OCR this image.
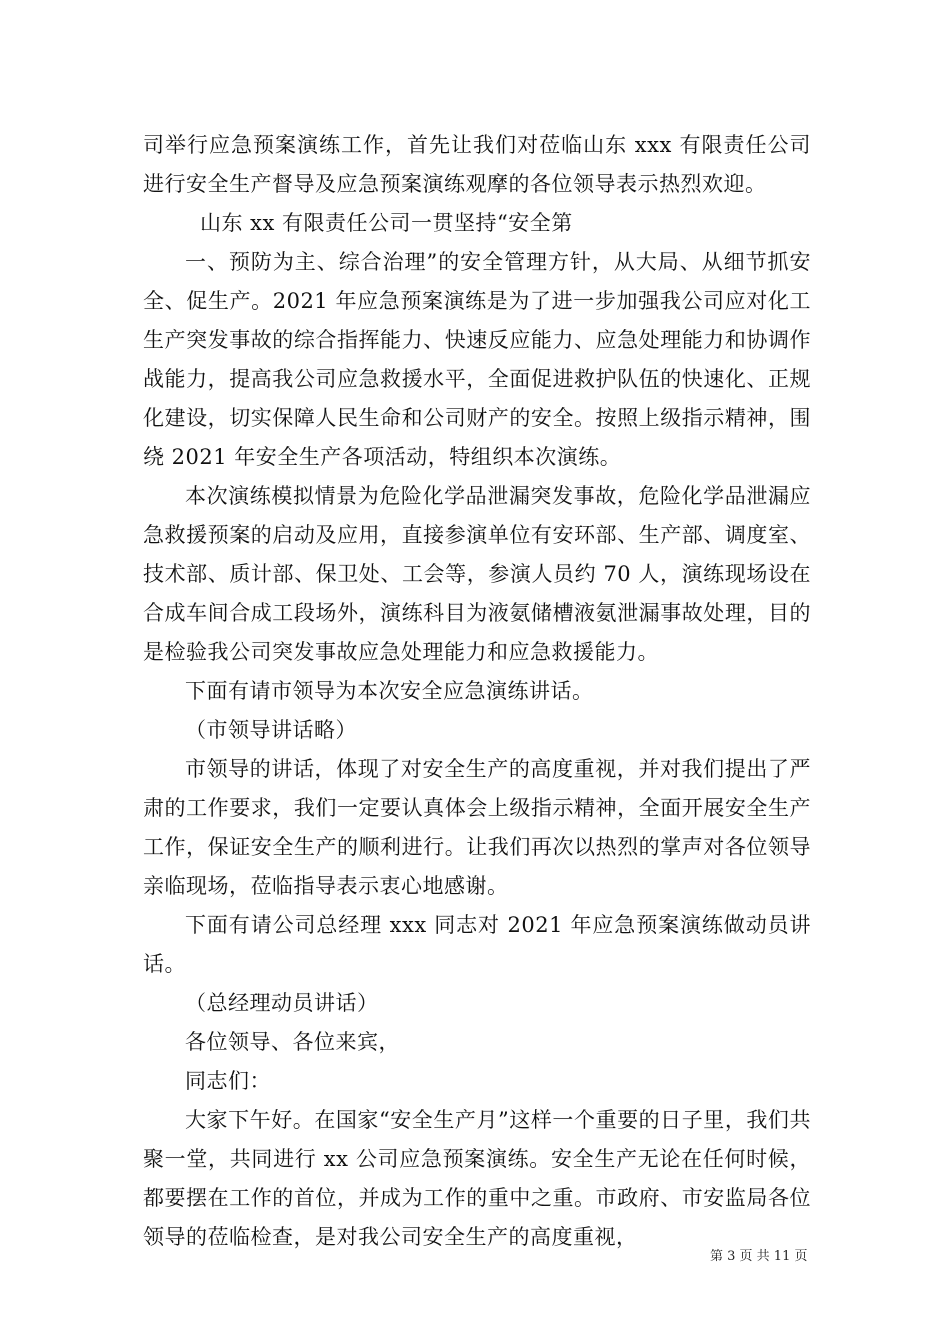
司举行应急预案演练工作，首先让我们对莅临山东 xxx 有限责任公司进行安全生产督导及应急预案演练观摩的各位领导表示热烈欢迎。

山东 xx 有限责任公司一贯坚持“安全第

一、预防为主、综合治理”的安全管理方针，从大局、从细节抓安全、促生产。2021 年应急预案演练是为了进一步加强我公司应对化工生产突发事故的综合指挥能力、快速反应能力、应急处理能力和协调作战能力，提高我公司应急救援水平，全面促进救护队伍的快速化、正规化建设，切实保障人民生命和公司财产的安全。按照上级指示精神，围绕 2021 年安全生产各项活动，特组织本次演练。

本次演练模拟情景为危险化学品泄漏突发事故，危险化学品泄漏应急救援预案的启动及应用，直接参演单位有安环部、生产部、调度室、技术部、质计部、保卫处、工会等，参演人员约 70 人，演练现场设在合成车间合成工段场外，演练科目为液氨储槽液氨泄漏事故处理，目的是检验我公司突发事故应急处理能力和应急救援能力。

下面有请市领导为本次安全应急演练讲话。

（市领导讲话略）

市领导的讲话，体现了对安全生产的高度重视，并对我们提出了严肃的工作要求，我们一定要认真体会上级指示精神，全面开展安全生产工作，保证安全生产的顺利进行。让我们再次以热烈的掌声对各位领导亲临现场，莅临指导表示衷心地感谢。

下面有请公司总经理 xxx 同志对 2021 年应急预案演练做动员讲话。

（总经理动员讲话）

各位领导、各位来宾，

同志们：

大家下午好。在国家“安全生产月”这样一个重要的日子里，我们共聚一堂，共同进行 xx 公司应急预案演练。安全生产无论在任何时候，都要摆在工作的首位，并成为工作的重中之重。市政府、市安监局各位领导的莅临检查，是对我公司安全生产的高度重视，

第 3 页 共 11 页
